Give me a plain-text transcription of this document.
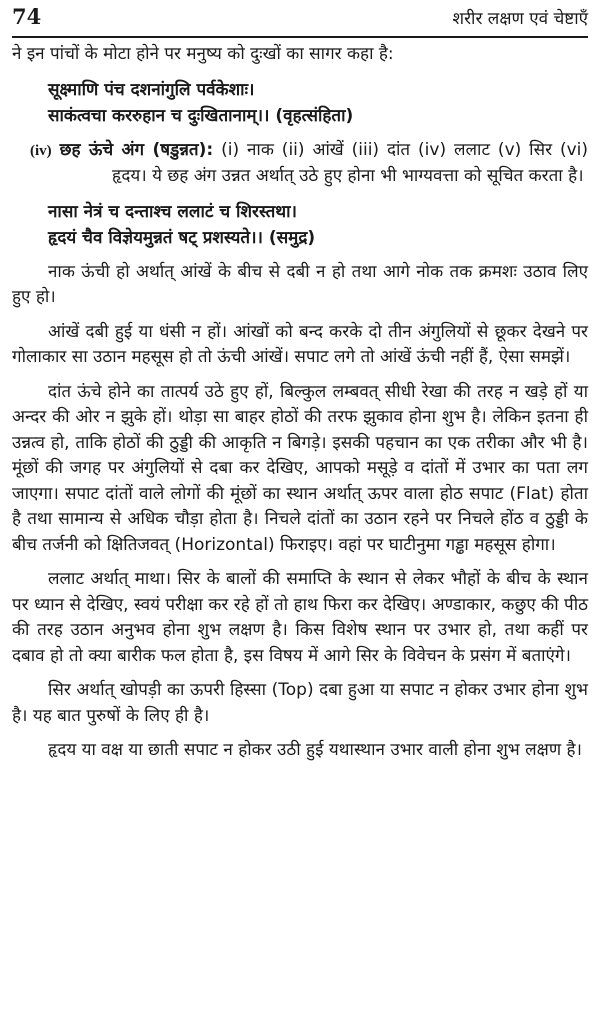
74	शरीर लक्षण एवं चेष्टाएँ

ने इन पांचों के मोटा होने पर मनुष्य को दुःखों का सागर कहा है:

सूक्ष्माणि पंच दशनांगुलि पर्वकेशाः।
साकंत्वचा कररुहान च दुःखितानाम्।। (वृहत्संहिता)

(iv) छह ऊंचे अंग (षडुन्नत): (i) नाक (ii) आंखें (iii) दांत (iv) ललाट (v) सिर (vi) हृदय। ये छह अंग उन्नत अर्थात् उठे हुए होना भी भाग्यवत्ता को सूचित करता है।

नासा नेत्रं च दन्ताश्च ललाटं च शिरस्तथा।
हृदयं चैव विज्ञेयमुन्नतं षट् प्रशस्यते।। (समुद्र)

नाक ऊंची हो अर्थात् आंखें के बीच से दबी न हो तथा आगे नोक तक क्रमशः उठाव लिए हुए हो।

आंखें दबी हुई या धंसी न हों। आंखों को बन्द करके दो तीन अंगुलियों से छूकर देखने पर गोलाकार सा उठान महसूस हो तो ऊंची आंखें। सपाट लगे तो आंखें ऊंची नहीं हैं, ऐसा समझें।

दांत ऊंचे होने का तात्पर्य उठे हुए हों, बिल्कुल लम्बवत् सीधी रेखा की तरह न खड़े हों या अन्दर की ओर न झुके हों। थोड़ा सा बाहर होठों की तरफ झुकाव होना शुभ है। लेकिन इतना ही उन्नत्व हो, ताकि होठों की ठुड्डी की आकृति न बिगड़े। इसकी पहचान का एक तरीका और भी है। मूंछों की जगह पर अंगुलियों से दबा कर देखिए, आपको मसूड़े व दांतों में उभार का पता लग जाएगा। सपाट दांतों वाले लोगों की मूंछों का स्थान अर्थात् ऊपर वाला होठ सपाट (Flat) होता है तथा सामान्य से अधिक चौड़ा होता है। निचले दांतों का उठान रहने पर निचले होंठ व ठुड्डी के बीच तर्जनी को क्षितिजवत् (Horizontal) फिराइए। वहां पर घाटीनुमा गड्ढा महसूस होगा।

ललाट अर्थात् माथा। सिर के बालों की समाप्ति के स्थान से लेकर भौहों के बीच के स्थान पर ध्यान से देखिए, स्वयं परीक्षा कर रहे हों तो हाथ फिरा कर देखिए। अण्डाकार, कछुए की पीठ की तरह उठान अनुभव होना शुभ लक्षण है। किस विशेष स्थान पर उभार हो, तथा कहीं पर दबाव हो तो क्या बारीक फल होता है, इस विषय में आगे सिर के विवेचन के प्रसंग में बताएंगे।

सिर अर्थात् खोपड़ी का ऊपरी हिस्सा (Top) दबा हुआ या सपाट न होकर उभार होना शुभ है। यह बात पुरुषों के लिए ही है।

हृदय या वक्ष या छाती सपाट न होकर उठी हुई यथास्थान उभार वाली होना शुभ लक्षण है।
